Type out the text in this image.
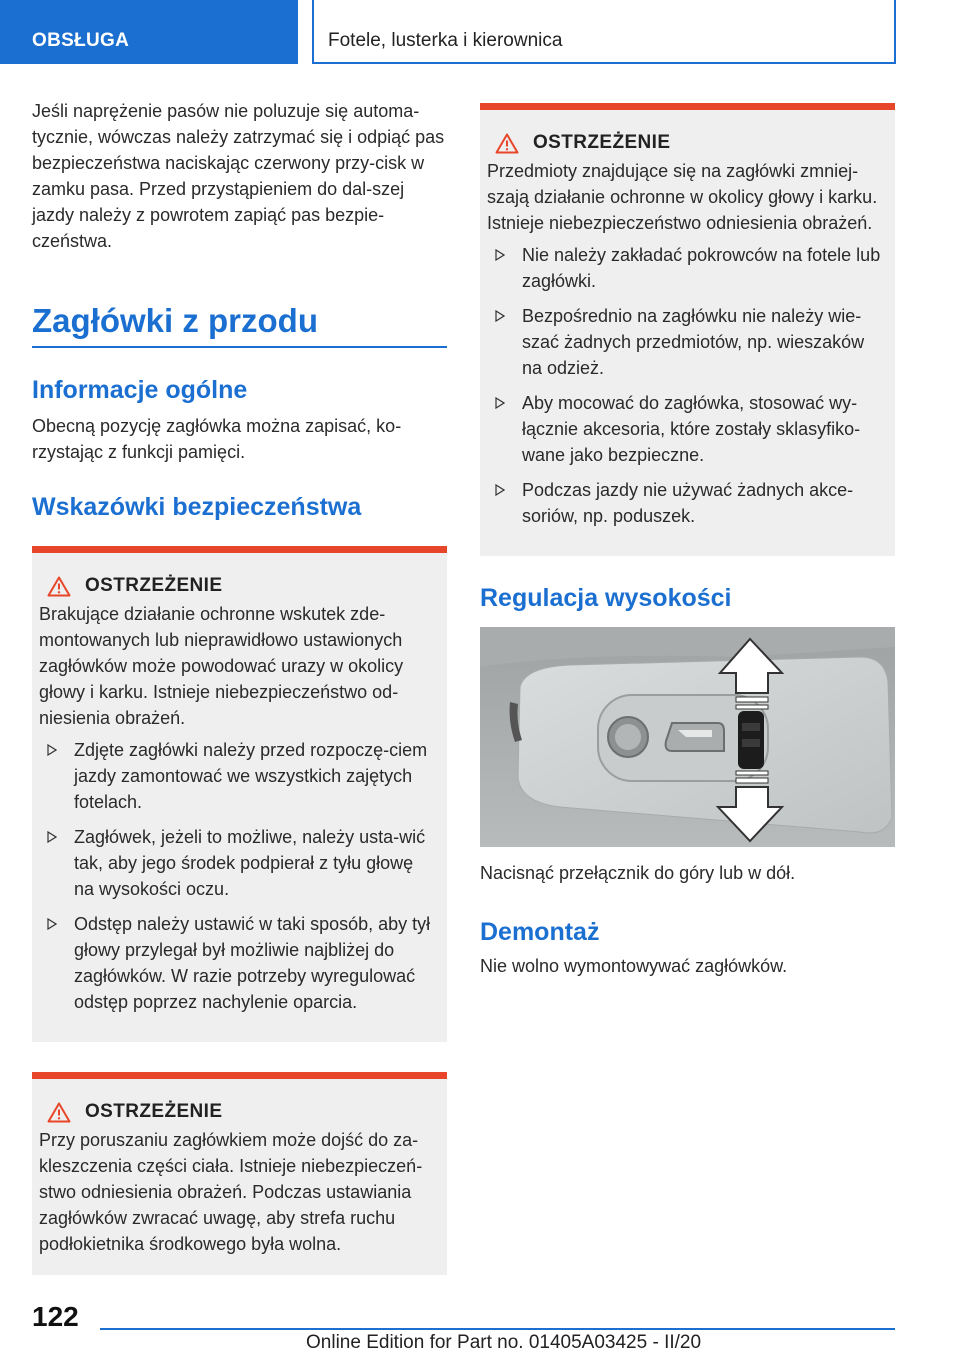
OBSŁUGA	Fotele, lusterka i kierownica

Jeśli naprężenie pasów nie poluzuje się automa-tycznie, wówczas należy zatrzymać się i odpiąć pas bezpieczeństwa naciskając czerwony przy-cisk w zamku pasa. Przed przystąpieniem do dal-szej jazdy należy z powrotem zapiąć pas bezpie-czeństwa.

Zagłówki z przodu
Informacje ogólne

Obecną pozycję zagłówka można zapisać, ko-rzystając z funkcji pamięci.

Wskazówki bezpieczeństwa
OSTRZEŻENIE

Brakujące działanie ochronne wskutek zde-montowanych lub nieprawidłowo ustawionych zagłówków może powodować urazy w okolicy głowy i karku. Istnieje niebezpieczeństwo od-niesienia obrażeń.

Zdjęte zagłówki należy przed rozpoczę-ciem jazdy zamontować we wszystkich zajętych fotelach.
Zagłówek, jeżeli to możliwe, należy usta-wić tak, aby jego środek podpierał z tyłu głowę na wysokości oczu.
Odstęp należy ustawić w taki sposób, aby tył głowy przylegał był możliwie najbliżej do zagłówków. W razie potrzeby wyregulować odstęp poprzez nachylenie oparcia.
OSTRZEŻENIE

Przy poruszaniu zagłówkiem może dojść do za-kleszczenia części ciała. Istnieje niebezpieczeń-stwo odniesienia obrażeń. Podczas ustawiania zagłówków zwracać uwagę, aby strefa ruchu podłokietnika środkowego była wolna.

OSTRZEŻENIE

Przedmioty znajdujące się na zagłówki zmniej-szają działanie ochronne w okolicy głowy i karku. Istnieje niebezpieczeństwo odniesienia obrażeń.

Nie należy zakładać pokrowców na fotele lub zagłówki.
Bezpośrednio na zagłówku nie należy wie-szać żadnych przedmiotów, np. wieszaków na odzież.
Aby mocować do zagłówka, stosować wy-łącznie akcesoria, które zostały sklasyfiko-wane jako bezpieczne.
Podczas jazdy nie używać żadnych akce-soriów, np. poduszek.
Regulacja wysokości

Nacisnąć przełącznik do góry lub w dół.

Demontaż

Nie wolno wymontowywać zagłówków.

122
Online Edition for Part no. 01405A03425 - II/20
